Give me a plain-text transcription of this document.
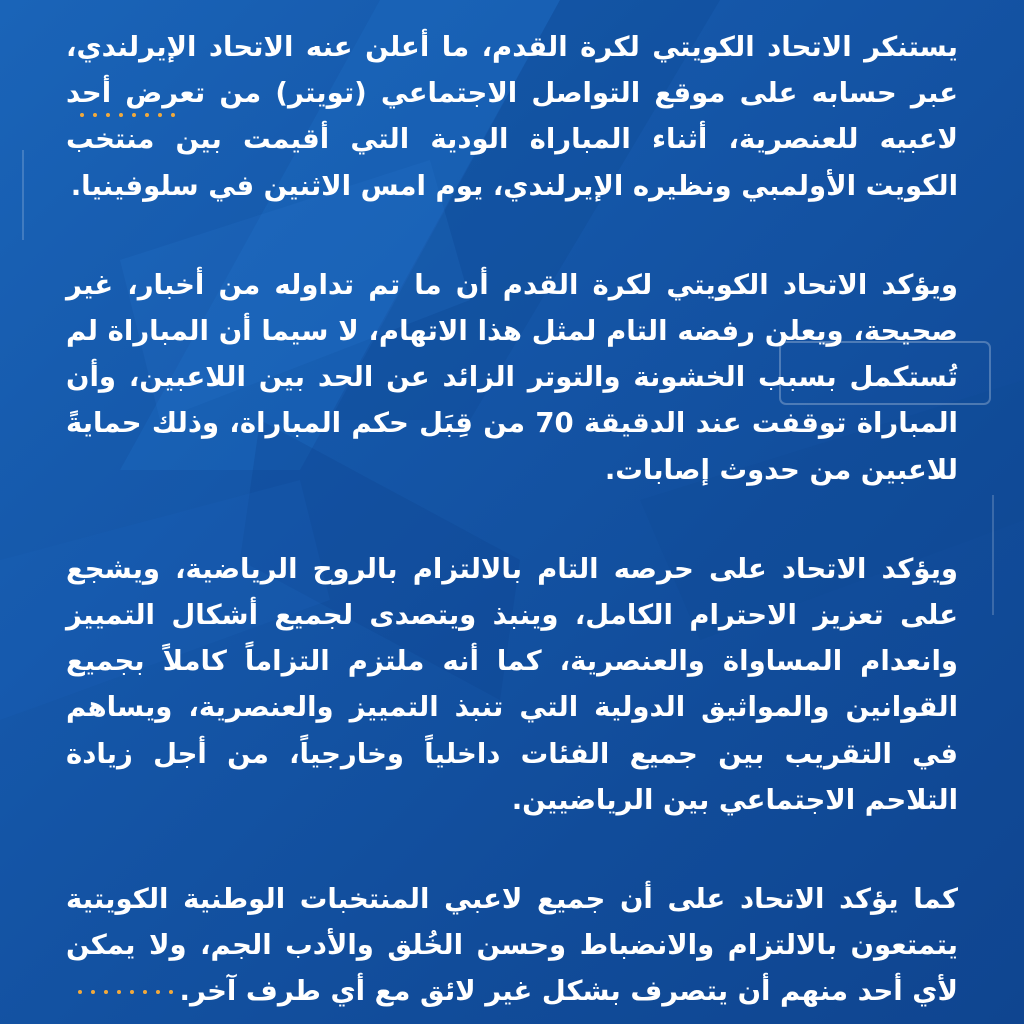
يستنكر الاتحاد الكويتي لكرة القدم، ما أعلن عنه الاتحاد الإيرلندي، عبر حسابه على موقع التواصل الاجتماعي (تويتر) من تعرض أحد لاعبيه للعنصرية، أثناء المباراة الودية التي أقيمت بين منتخب الكويت الأولمبي ونظيره الإيرلندي، يوم امس الاثنين في سلوفينيا.

ويؤكد الاتحاد الكويتي لكرة القدم أن ما تم تداوله من أخبار، غير صحيحة، ويعلن رفضه التام لمثل هذا الاتهام، لا سيما أن المباراة لم تُستكمل بسبب الخشونة والتوتر الزائد عن الحد بين اللاعبين، وأن المباراة توقفت عند الدقيقة 70 من قِبَل حكم المباراة، وذلك حمايةً للاعبين من حدوث إصابات.

ويؤكد الاتحاد على حرصه التام بالالتزام بالروح الرياضية، ويشجع على تعزيز الاحترام الكامل، وينبذ ويتصدى لجميع أشكال التمييز وانعدام المساواة والعنصرية، كما أنه ملتزم التزاماً كاملاً بجميع القوانين والمواثيق الدولية التي تنبذ التمييز والعنصرية، ويساهم في التقريب بين جميع الفئات داخلياً وخارجياً، من أجل زيادة التلاحم الاجتماعي بين الرياضيين.

كما يؤكد الاتحاد على أن جميع لاعبي المنتخبات الوطنية الكويتية يتمتعون بالالتزام والانضباط وحسن الخُلق والأدب الجم، ولا يمكن لأي أحد منهم أن يتصرف بشكل غير لائق مع أي طرف آخر.
